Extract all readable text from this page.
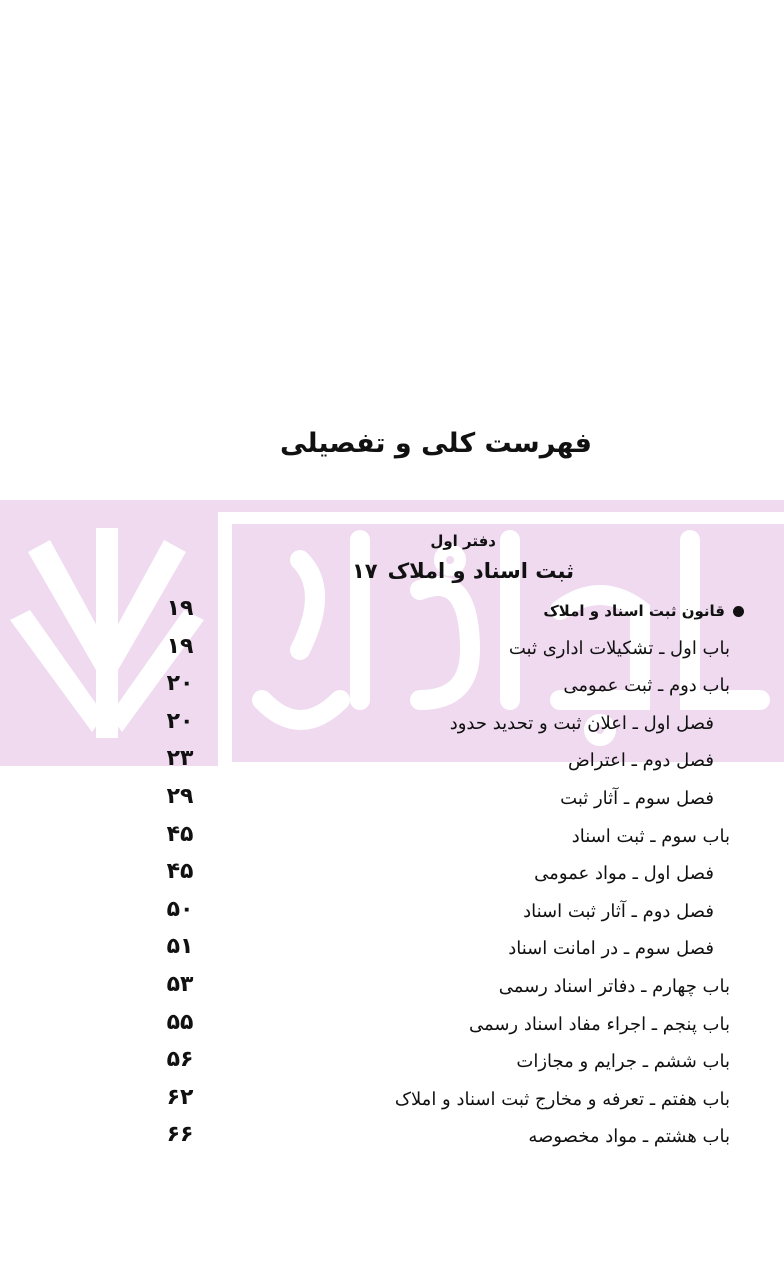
فهرست کلی و تفصیلی
دفتر اول
ثبت اسناد و املاک۱۷
قانون ثبت اسناد و املاک
۱۹
باب اول ـ تشکیلات اداری ثبت
۱۹
باب دوم ـ ثبت عمومی
۲۰
فصل اول ـ اعلان ثبت و تحدید حدود
۲۰
فصل دوم ـ اعتراض
۲۳
فصل سوم ـ آثار ثبت
۲۹
باب سوم ـ ثبت اسناد
۴۵
فصل اول ـ مواد عمومی
۴۵
فصل دوم ـ آثار ثبت اسناد
۵۰
فصل سوم ـ در امانت اسناد
۵۱
باب چهارم ـ دفاتر اسناد رسمی
۵۳
باب پنجم ـ اجراء مفاد اسناد رسمی
۵۵
باب ششم ـ جرایم و مجازات
۵۶
باب هفتم ـ تعرفه و مخارج ثبت اسناد و املاک
۶۲
باب هشتم ـ مواد مخصوصه
۶۶
